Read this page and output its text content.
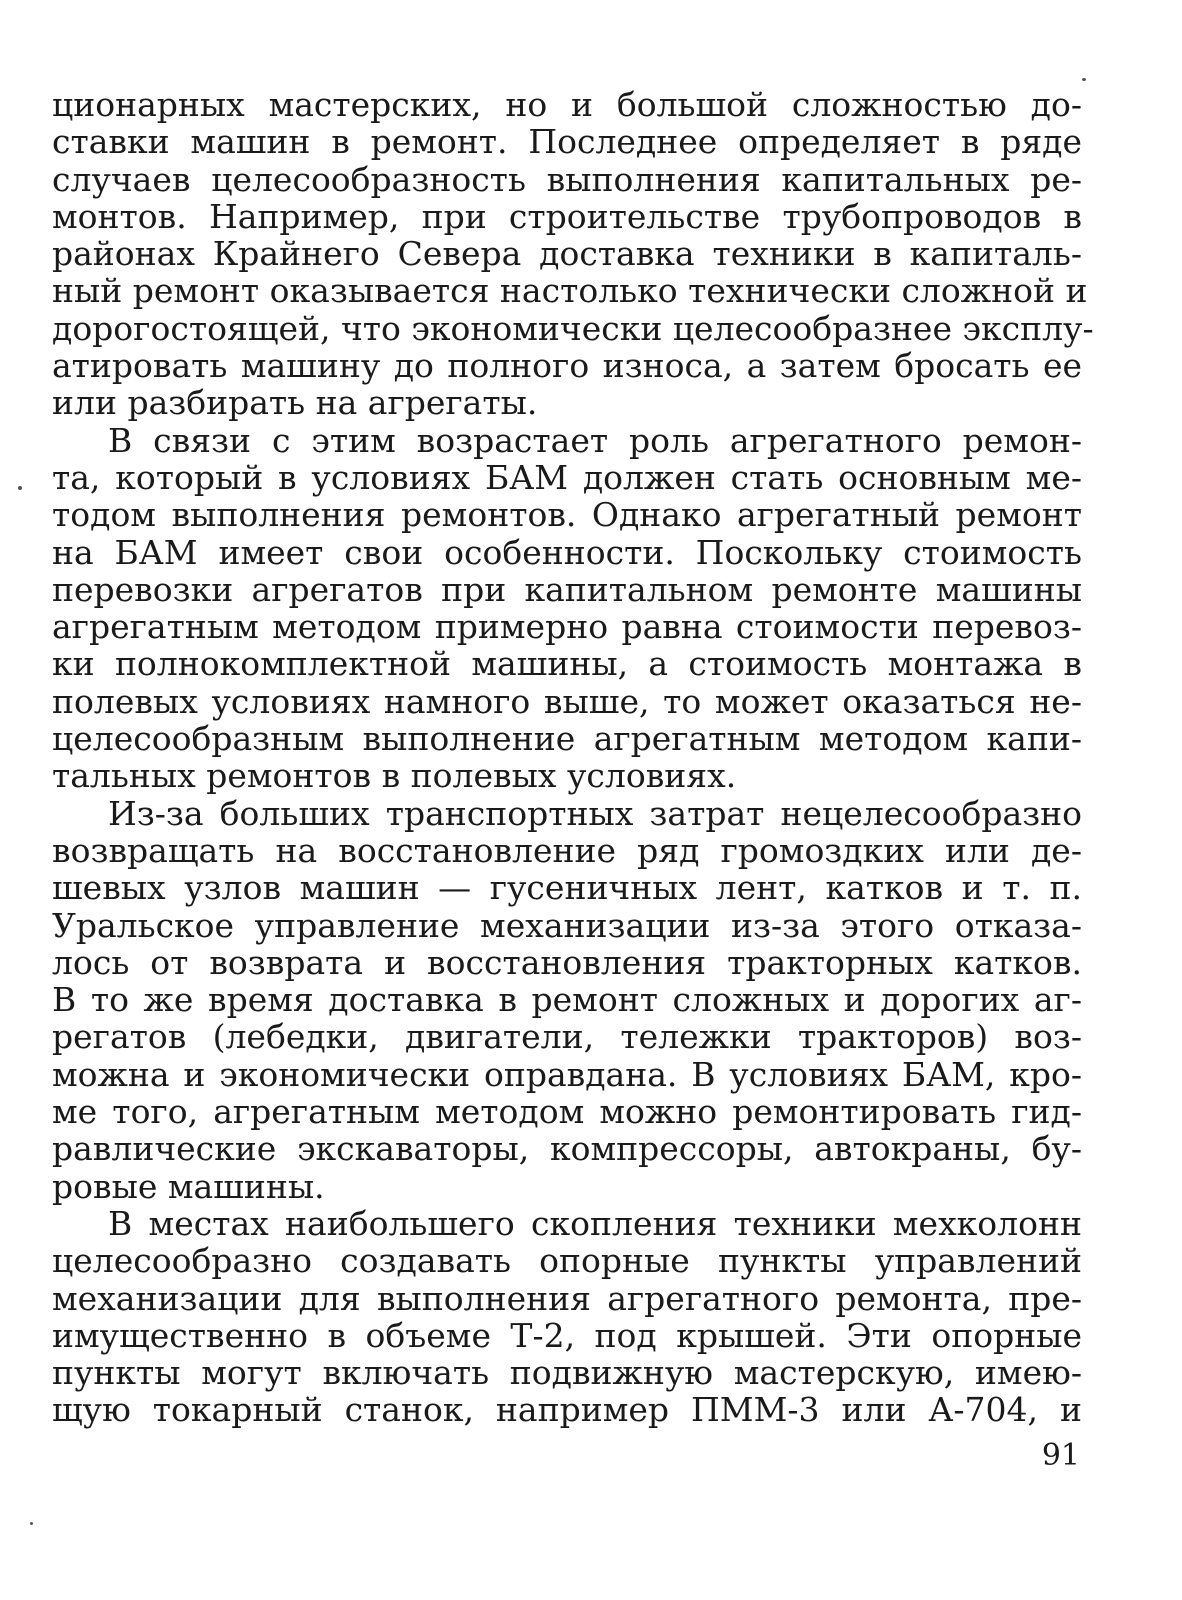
ционарных мастерских, но и большой сложностью до-
ставки машин в ремонт. Последнее определяет в ряде
случаев целесообразность выполнения капитальных ре-
монтов. Например, при строительстве трубопроводов в
районах Крайнего Севера доставка техники в капиталь-
ный ремонт оказывается настолько технически сложной и
дорогостоящей, что экономически целесообразнее эксплу-
атировать машину до полного износа, а затем бросать ее
или разбирать на агрегаты.
В связи с этим возрастает роль агрегатного ремон-
та, который в условиях БАМ должен стать основным ме-
тодом выполнения ремонтов. Однако агрегатный ремонт
на БАМ имеет свои особенности. Поскольку стоимость
перевозки агрегатов при капитальном ремонте машины
агрегатным методом примерно равна стоимости перевоз-
ки полнокомплектной машины, а стоимость монтажа в
полевых условиях намного выше, то может оказаться не-
целесообразным выполнение агрегатным методом капи-
тальных ремонтов в полевых условиях.
Из-за больших транспортных затрат нецелесообразно
возвращать на восстановление ряд громоздких или де-
шевых узлов машин — гусеничных лент, катков и т. п.
Уральское управление механизации из-за этого отказа-
лось от возврата и восстановления тракторных катков.
В то же время доставка в ремонт сложных и дорогих аг-
регатов (лебедки, двигатели, тележки тракторов) воз-
можна и экономически оправдана. В условиях БАМ, кро-
ме того, агрегатным методом можно ремонтировать гид-
равлические экскаваторы, компрессоры, автокраны, бу-
ровые машины.
В местах наибольшего скопления техники мехколонн
целесообразно создавать опорные пункты управлений
механизации для выполнения агрегатного ремонта, пре-
имущественно в объеме Т-2, под крышей. Эти опорные
пункты могут включать подвижную мастерскую, имею-
щую токарный станок, например ПММ-3 или А-704, и
91
